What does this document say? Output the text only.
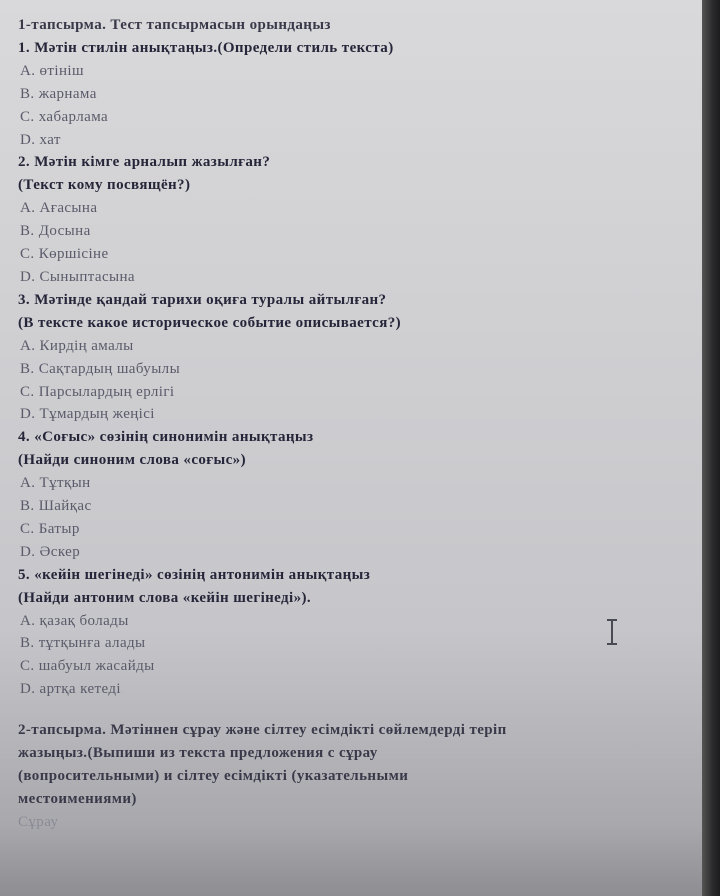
1-тапсырма. Тест тапсырмасын орындаңыз
1. Мәтін стилін анықтаңыз.(Определи стиль текста)
A. өтініш
B. жарнама
C. хабарлама
D. хат
2. Мәтін кімге арналып жазылған?
(Текст кому посвящён?)
A. Ағасына
B. Досына
C. Көршісіне
D. Сыныптасына
3. Мәтінде қандай тарихи оқиға туралы айтылған?
(В тексте какое историческое событие описывается?)
A. Кирдің амалы
B. Сақтардың шабуылы
C. Парсылардың ерлігі
D. Тұмардың жеңісі
4. «Соғыс» сөзінің синонимін анықтаңыз
(Найди синоним слова «соғыс»)
A. Тұтқын
B. Шайқас
C. Батыр
D. Әскер
5. «кейін шегінеді» сөзінің антонимін анықтаңыз
(Найди антоним слова «кейін шегінеді»).
A. қазақ болады
B. тұтқынға алады
C. шабуыл жасайды
D. артқа кетеді
2-тапсырма. Мәтіннен сұрау және сілтеу есімдікті сөйлемдерді теріп
жазыңыз.(Выпиши из текста предложения с сұрау
(вопросительными) и сілтеу есімдікті (указательными
местоимениями)
Сұрау
